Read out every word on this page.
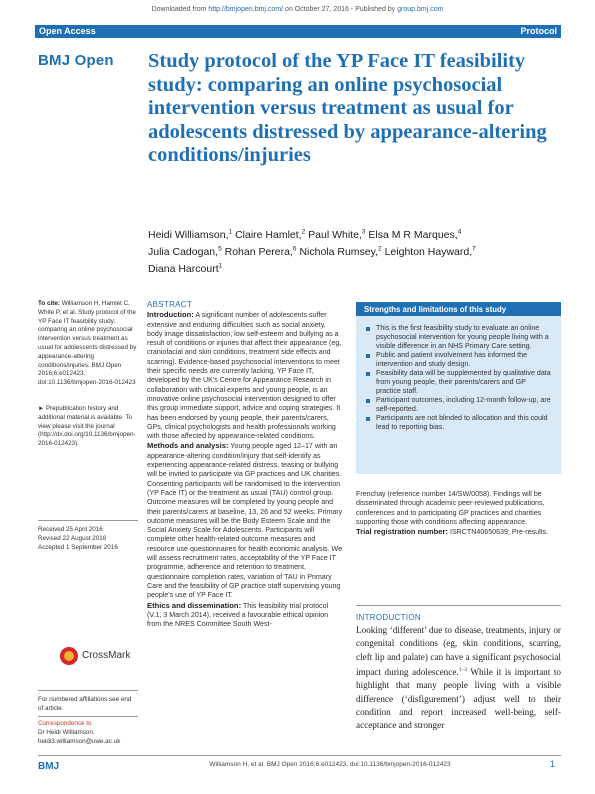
Downloaded from http://bmjopen.bmj.com/ on October 27, 2016 - Published by group.bmj.com
Open Access	Protocol
BMJ Open Study protocol of the YP Face IT feasibility study: comparing an online psychosocial intervention versus treatment as usual for adolescents distressed by appearance-altering conditions/injuries
Heidi Williamson,$^1$ Claire Hamlet,$^2$ Paul White,$^3$ Elsa M R Marques,$^4$
Julia Cadogan,$^5$ Rohan Perera,$^6$ Nichola Rumsey,$^2$ Leighton Hayward,$^7$
Diana Harcourt$^1$
To cite: Williamson H, Hamlet C, White P, et al. Study protocol of the YP Face IT feasibility study: comparing an online psychosocial intervention versus treatment as usual for adolescents distressed by appearance-altering conditions/injuries. BMJ Open 2016;6:e012423. doi:10.1136/bmjopen-2016-012423
► Prepublication history and additional material is available. To view please visit the journal (http://dx.doi.org/10.1136/bmjopen-2016-012423).
Received 25 April 2016
Revised 22 August 2016
Accepted 1 September 2016
CrossMark
For numbered affiliations see end of article.
Correspondence to
Dr Heidi Williamson;
heidi3.williamson@uwe.ac.uk
ABSTRACT
Introduction: A significant number of adolescents suffer extensive and enduring difficulties such as social anxiety, body image dissatisfaction, low self-esteem and bullying as a result of conditions or injuries that affect their appearance (eg, craniofacial and skin conditions, treatment side effects and scarring). Evidence-based psychosocial interventions to meet their specific needs are currently lacking. YP Face IT, developed by the UK's Centre for Appearance Research in collaboration with clinical experts and young people, is an innovative online psychosocial intervention designed to offer this group immediate support, advice and coping strategies. It has been endorsed by young people, their parents/carers, GPs, clinical psychologists and health professionals working with those affected by appearance-related conditions.
Methods and analysis: Young people aged 12–17 with an appearance-altering condition/injury that self-identify as experiencing appearance-related distress, teasing or bullying will be invited to participate via GP practices and UK charities. Consenting participants will be randomised to the intervention (YP Face IT) or the treatment as usual (TAU) control group. Outcome measures will be completed by young people and their parents/carers at baseline, 13, 26 and 52 weeks. Primary outcome measures will be the Body Esteem Scale and the Social Anxiety Scale for Adolescents. Participants will complete other health-related outcome measures and resource use questionnaires for health economic analysis. We will assess recruitment rates, acceptability of the YP Face IT programme, adherence and retention to treatment, questionnaire completion rates, variation of TAU in Primary Care and the feasibility of GP practice staff supervising young people's use of YP Face IT.
Ethics and dissemination: This feasibility trial protocol (V.1, 3 March 2014), received a favourable ethical opinion from the NRES Committee South West-
Strengths and limitations of this study
This is the first feasibility study to evaluate an online psychosocial intervention for young people living with a visible difference in an NHS Primary Care setting.
Public and patient involvement has informed the intervention and study design.
Feasibility data will be supplemented by qualitative data from young people, their parents/carers and GP practice staff.
Participant outcomes, including 12-month follow-up, are self-reported.
Participants are not blinded to allocation and this could lead to reporting bias.
Frenchay (reference number 14/SW/0058). Findings will be disseminated through academic peer-reviewed publications, conferences and to participating GP practices and charities supporting those with conditions affecting appearance.
Trial registration number: ISRCTN40650639; Pre-results.
INTRODUCTION
Looking ‘different’ due to disease, treatments, injury or congenital conditions (eg, skin conditions, scarring, cleft lip and palate) can have a significant psychosocial impact during adolescence.$^{1-3}$ While it is important to highlight that many people living with a visible difference (‘disfigurement’) adjust well to their condition and report increased well-being, self-acceptance and stronger
BMJ	Williamson H, et al. BMJ Open 2016;6:e012423. doi:10.1136/bmjopen-2016-012423	1
